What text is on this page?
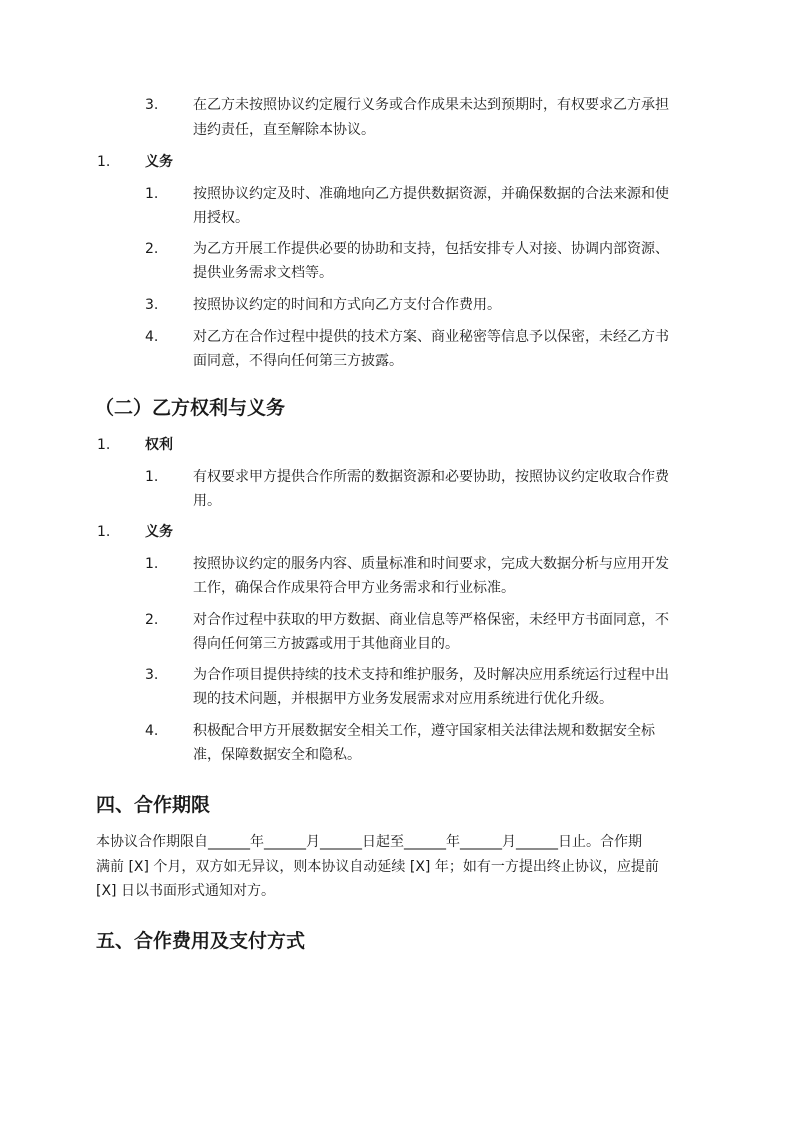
3. 在乙方未按照协议约定履行义务或合作成果未达到预期时，有权要求乙方承担
违约责任，直至解除本协议。
1. 义务
1. 按照协议约定及时、准确地向乙方提供数据资源，并确保数据的合法来源和使
用授权。
2. 为乙方开展工作提供必要的协助和支持，包括安排专人对接、协调内部资源、
提供业务需求文档等。
3. 按照协议约定的时间和方式向乙方支付合作费用。
4. 对乙方在合作过程中提供的技术方案、商业秘密等信息予以保密，未经乙方书
面同意，不得向任何第三方披露。
（二）乙方权利与义务
1. 权利
1. 有权要求甲方提供合作所需的数据资源和必要协助，按照协议约定收取合作费
用。
1. 义务
1. 按照协议约定的服务内容、质量标准和时间要求，完成大数据分析与应用开发
工作，确保合作成果符合甲方业务需求和行业标准。
2. 对合作过程中获取的甲方数据、商业信息等严格保密，未经甲方书面同意，不
得向任何第三方披露或用于其他商业目的。
3. 为合作项目提供持续的技术支持和维护服务，及时解决应用系统运行过程中出
现的技术问题，并根据甲方业务发展需求对应用系统进行优化升级。
4. 积极配合甲方开展数据安全相关工作，遵守国家相关法律法规和数据安全标
准，保障数据安全和隐私。
四、合作期限
本协议合作期限自______年______月______日起至______年______月______日止。合作期
满前 [X] 个月，双方如无异议，则本协议自动延续 [X] 年；如有一方提出终止协议，应提前
[X] 日以书面形式通知对方。
五、合作费用及支付方式
